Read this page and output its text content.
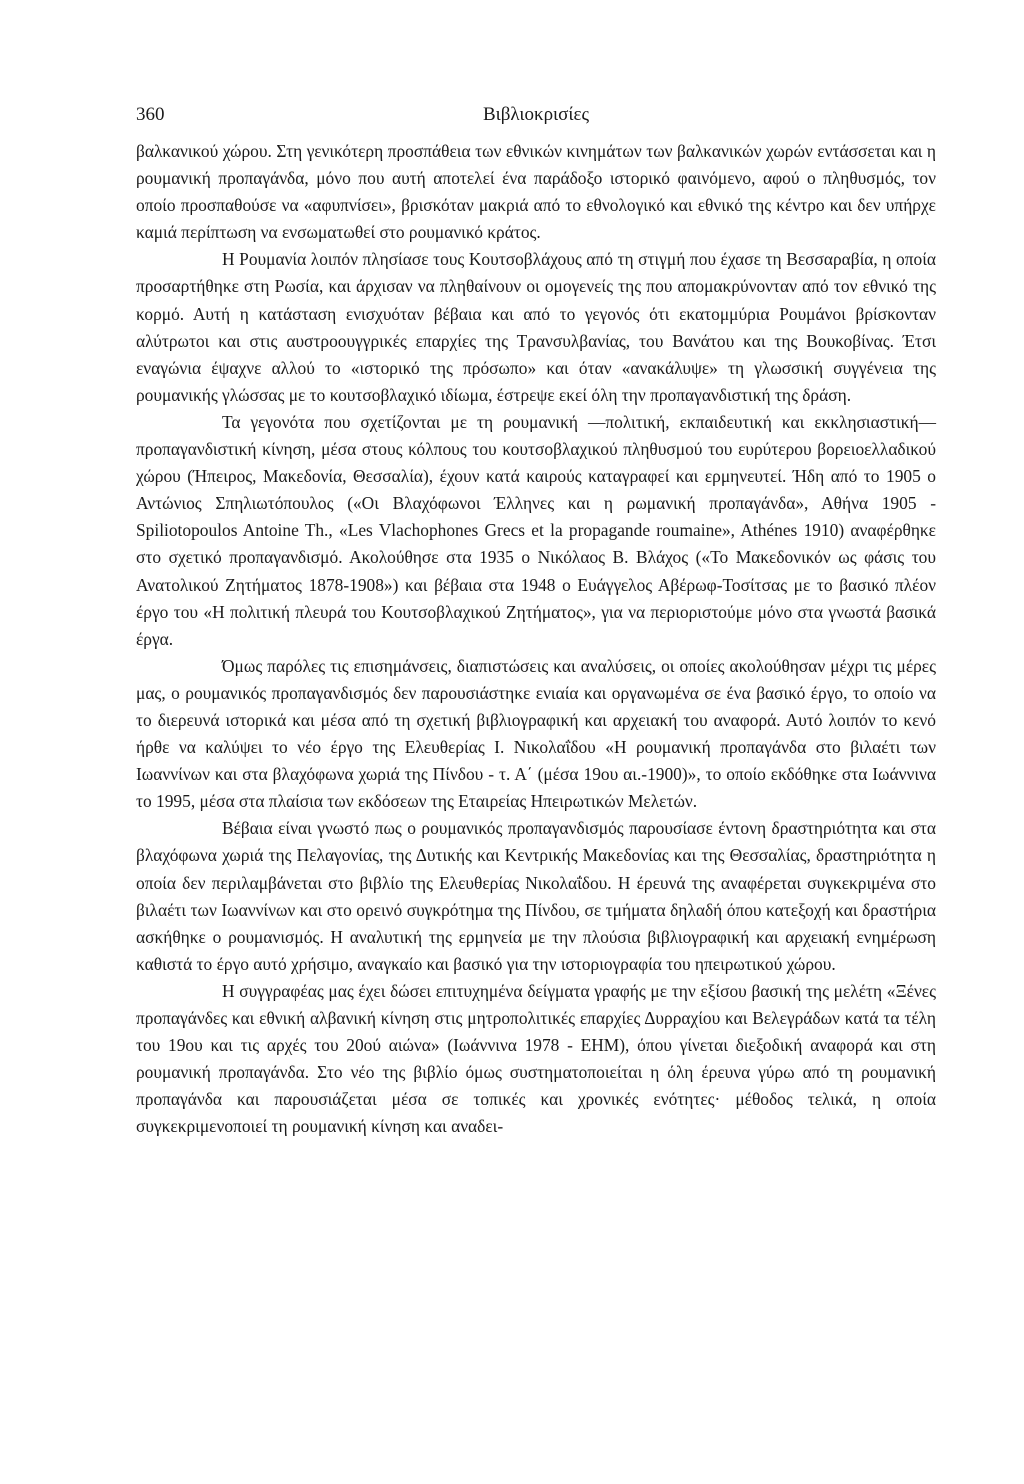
360	Βιβλιοκρισίες

βαλκανικού χώρου. Στη γενικότερη προσπάθεια των εθνικών κινημάτων των βαλκανικών χωρών εντάσσεται και η ρουμανική προπαγάνδα, μόνο που αυτή αποτελεί ένα παράδοξο ιστορικό φαινόμενο, αφού ο πληθυσμός, τον οποίο προσπαθούσε να «αφυπνίσει», βρισκόταν μακριά από το εθνολογικό και εθνικό της κέντρο και δεν υπήρχε καμιά περίπτωση να ενσωματωθεί στο ρουμανικό κράτος.

Η Ρουμανία λοιπόν πλησίασε τους Κουτσοβλάχους από τη στιγμή που έχασε τη Βεσσαραβία, η οποία προσαρτήθηκε στη Ρωσία, και άρχισαν να πληθαίνουν οι ομογενείς της που απομακρύνονταν από τον εθνικό της κορμό. Αυτή η κατάσταση ενισχυόταν βέβαια και από το γεγονός ότι εκατομμύρια Ρουμάνοι βρίσκονταν αλύτρωτοι και στις αυστροουγγρικές επαρχίες της Τρανσυλβανίας, του Βανάτου και της Βουκοβίνας. Έτσι εναγώνια έψαχνε αλλού το «ιστορικό της πρόσωπο» και όταν «ανακάλυψε» τη γλωσσική συγγένεια της ρουμανικής γλώσσας με το κουτσοβλαχικό ιδίωμα, έστρεψε εκεί όλη την προπαγανδιστική της δράση.

Τα γεγονότα που σχετίζονται με τη ρουμανική —πολιτική, εκπαιδευτική και εκκλησιαστική— προπαγανδιστική κίνηση, μέσα στους κόλπους του κουτσοβλαχικού πληθυσμού του ευρύτερου βορειοελλαδικού χώρου (Ήπειρος, Μακεδονία, Θεσσαλία), έχουν κατά καιρούς καταγραφεί και ερμηνευτεί. Ήδη από το 1905 ο Αντώνιος Σπηλιωτόπουλος («Οι Βλαχόφωνοι Έλληνες και η ρωμανική προπαγάνδα», Αθήνα 1905 - Spiliotopoulos Antoine Th., «Les Vlachophones Grecs et la propagande roumaine», Athénes 1910) αναφέρθηκε στο σχετικό προπαγανδισμό. Ακολούθησε στα 1935 ο Νικόλαος Β. Βλάχος («Το Μακεδονικόν ως φάσις του Ανατολικού Ζητήματος 1878-1908») και βέβαια στα 1948 ο Ευάγγελος Αβέρωφ-Τοσίτσας με το βασικό πλέον έργο του «Η πολιτική πλευρά του Κουτσοβλαχικού Ζητήματος», για να περιοριστούμε μόνο στα γνωστά βασικά έργα.

Όμως παρόλες τις επισημάνσεις, διαπιστώσεις και αναλύσεις, οι οποίες ακολούθησαν μέχρι τις μέρες μας, ο ρουμανικός προπαγανδισμός δεν παρουσιάστηκε ενιαία και οργανωμένα σε ένα βασικό έργο, το οποίο να το διερευνά ιστορικά και μέσα από τη σχετική βιβλιογραφική και αρχειακή του αναφορά. Αυτό λοιπόν το κενό ήρθε να καλύψει το νέο έργο της Ελευθερίας Ι. Νικολαΐδου «Η ρουμανική προπαγάνδα στο βιλαέτι των Ιωαννίνων και στα βλαχόφωνα χωριά της Πίνδου - τ. Α΄ (μέσα 19ου αι.-1900)», το οποίο εκδόθηκε στα Ιωάννινα το 1995, μέσα στα πλαίσια των εκδόσεων της Εταιρείας Ηπειρωτικών Μελετών.

Βέβαια είναι γνωστό πως ο ρουμανικός προπαγανδισμός παρουσίασε έντονη δραστηριότητα και στα βλαχόφωνα χωριά της Πελαγονίας, της Δυτικής και Κεντρικής Μακεδονίας και της Θεσσαλίας, δραστηριότητα η οποία δεν περιλαμβάνεται στο βιβλίο της Ελευθερίας Νικολαΐδου. Η έρευνά της αναφέρεται συγκεκριμένα στο βιλαέτι των Ιωαννίνων και στο ορεινό συγκρότημα της Πίνδου, σε τμήματα δηλαδή όπου κατεξοχή και δραστήρια ασκήθηκε ο ρουμανισμός. Η αναλυτική της ερμηνεία με την πλούσια βιβλιογραφική και αρχειακή ενημέρωση καθιστά το έργο αυτό χρήσιμο, αναγκαίο και βασικό για την ιστοριογραφία του ηπειρωτικού χώρου.

Η συγγραφέας μας έχει δώσει επιτυχημένα δείγματα γραφής με την εξίσου βασική της μελέτη «Ξένες προπαγάνδες και εθνική αλβανική κίνηση στις μητροπολιτικές επαρχίες Δυρραχίου και Βελεγράδων κατά τα τέλη του 19ου και τις αρχές του 20ού αιώνα» (Ιωάννινα 1978 - ΕΗΜ), όπου γίνεται διεξοδική αναφορά και στη ρουμανική προπαγάνδα. Στο νέο της βιβλίο όμως συστηματοποιείται η όλη έρευνα γύρω από τη ρουμανική προπαγάνδα και παρουσιάζεται μέσα σε τοπικές και χρονικές ενότητες· μέθοδος τελικά, η οποία συγκεκριμενοποιεί τη ρουμανική κίνηση και αναδει-
